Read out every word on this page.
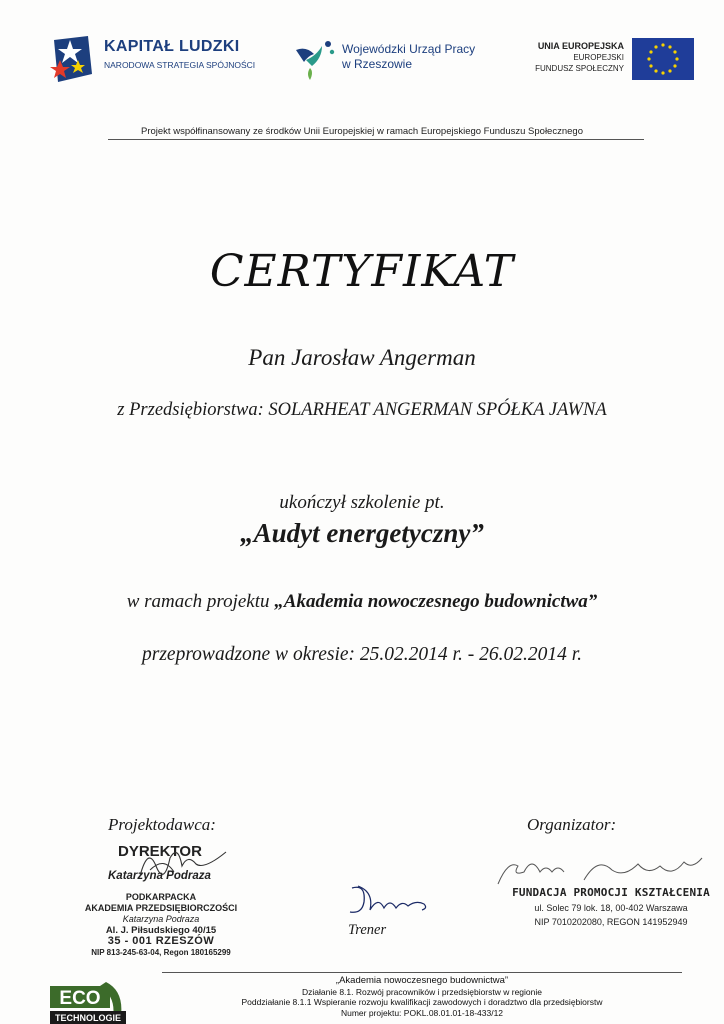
KAPITAŁ LUDZKI
NARODOWA STRATEGIA SPÓJNOŚCI
Wojewódzki Urząd Pracy
w Rzeszowie
UNIA EUROPEJSKA
EUROPEJSKI
FUNDUSZ SPOŁECZNY
Projekt współfinansowany ze środków Unii Europejskiej w ramach Europejskiego Funduszu Społecznego
CERTYFIKAT
Pan Jarosław Angerman
z Przedsiębiorstwa: SOLARHEAT ANGERMAN SPÓŁKA JAWNA
ukończył szkolenie pt.
„Audyt energetyczny”
w ramach projektu „Akademia nowoczesnego budownictwa”
przeprowadzone w okresie: 25.02.2014 r. - 26.02.2014 r.
Projektodawca:	Organizator:
DYREKTOR
Katarzyna Podraza
PODKARPACKA
AKADEMIA PRZEDSIĘBIORCZOŚCI
Katarzyna Podraza
Al. J. Piłsudskiego 40/15
35 - 001 RZESZÓW
NIP 813-245-63-04, Regon 180165299
Trener
FUNDACJA PROMOCJI KSZTAŁCENIA
ul. Solec 79 lok. 18, 00-402 Warszawa
NIP 7010202080, REGON 141952949
„Akademia nowoczesnego budownictwa”
Działanie 8.1. Rozwój pracowników i przedsiębiorstw w regionie
Poddziałanie 8.1.1 Wspieranie rozwoju kwalifikacji zawodowych i doradztwo dla przedsiębiorstw
Numer projektu: POKL.08.01.01-18-433/12
ECO
TECHNOLOGIE
